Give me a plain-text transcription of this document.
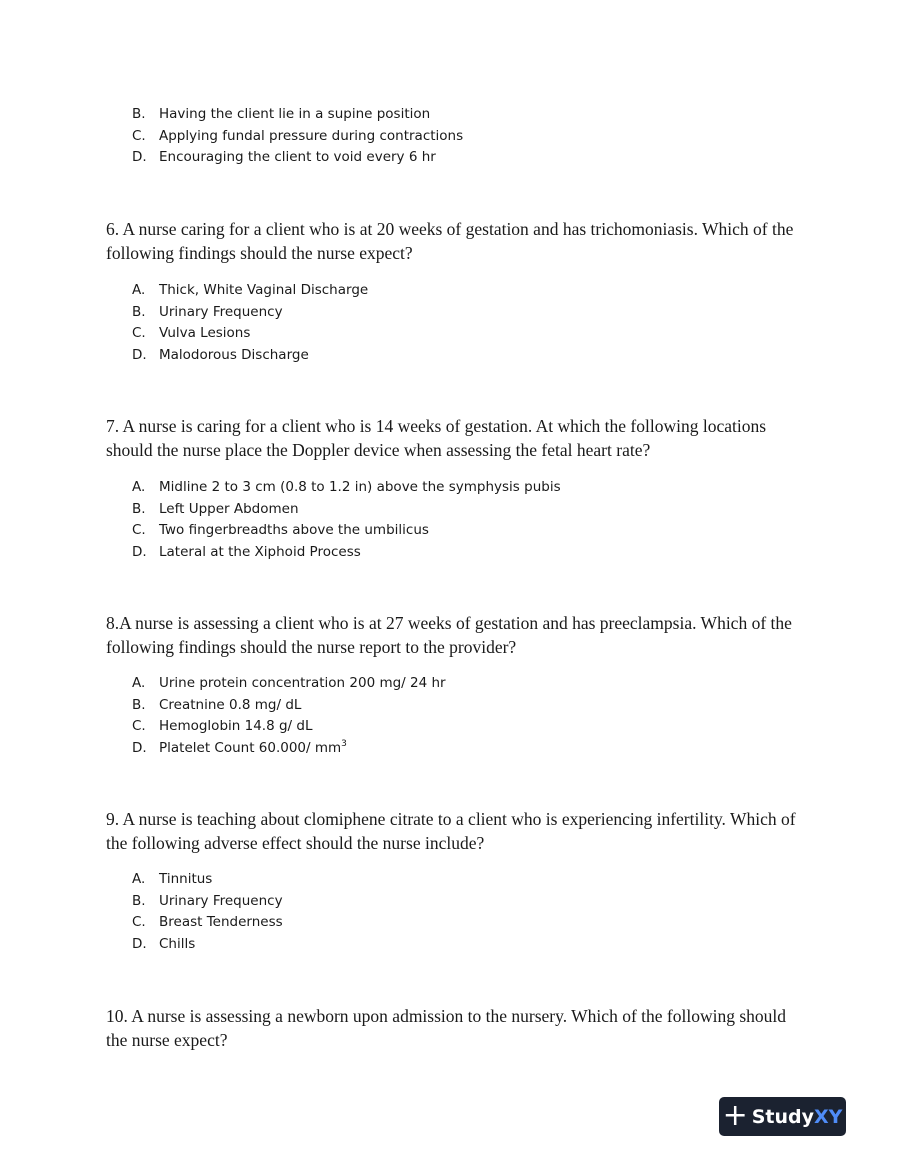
B. Having the client lie in a supine position
C. Applying fundal pressure during contractions
D. Encouraging the client to void every 6 hr

6. A nurse caring for a client who is at 20 weeks of gestation and has trichomoniasis. Which of the following findings should the nurse expect?

A. Thick, White Vaginal Discharge
B. Urinary Frequency
C. Vulva Lesions
D. Malodorous Discharge

7. A nurse is caring for a client who is 14 weeks of gestation. At which the following locations should the nurse place the Doppler device when assessing the fetal heart rate?

A. Midline 2 to 3 cm (0.8 to 1.2 in) above the symphysis pubis
B. Left Upper Abdomen
C. Two fingerbreadths above the umbilicus
D. Lateral at the Xiphoid Process

8.A nurse is assessing a client who is at 27 weeks of gestation and has preeclampsia. Which of the following findings should the nurse report to the provider?

A. Urine protein concentration 200 mg/ 24 hr
B. Creatnine 0.8 mg/ dL
C. Hemoglobin 14.8 g/ dL
D. Platelet Count 60.000/ $mm^3$

9. A nurse is teaching about clomiphene citrate to a client who is experiencing infertility. Which of the following adverse effect should the nurse include?

A. Tinnitus
B. Urinary Frequency
C. Breast Tenderness
D. Chills

10. A nurse is assessing a newborn upon admission to the nursery. Which of the following should the nurse expect?

+ Study XY
